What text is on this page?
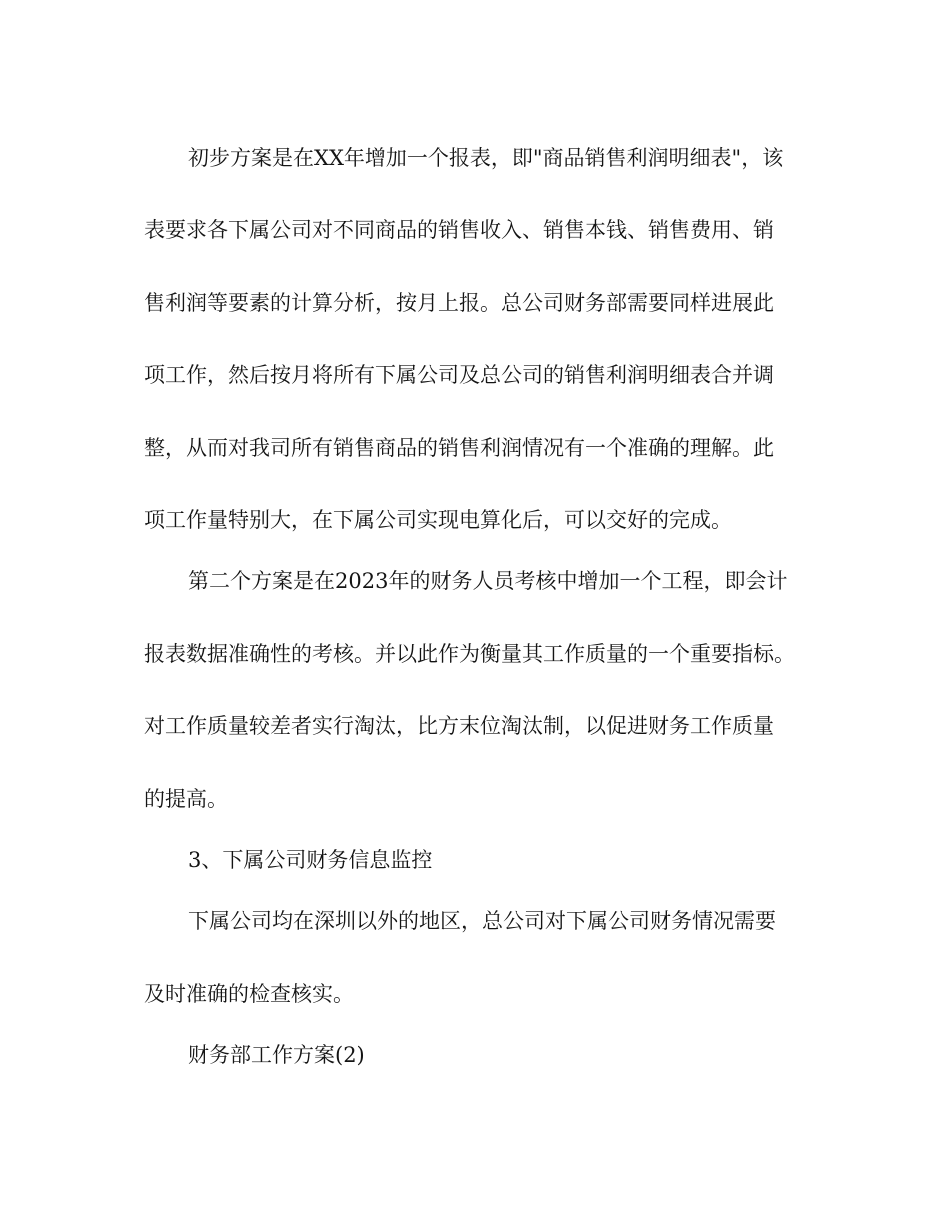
初步方案是在XX年增加一个报表，即"商品销售利润明细表"，该
表要求各下属公司对不同商品的销售收入、销售本钱、销售费用、销
售利润等要素的计算分析，按月上报。总公司财务部需要同样进展此
项工作，然后按月将所有下属公司及总公司的销售利润明细表合并调
整，从而对我司所有销售商品的销售利润情况有一个准确的理解。此
项工作量特别大，在下属公司实现电算化后，可以交好的完成。
第二个方案是在2023年的财务人员考核中增加一个工程，即会计
报表数据准确性的考核。并以此作为衡量其工作质量的一个重要指标。
对工作质量较差者实行淘汰，比方末位淘汰制，以促进财务工作质量
的提高。
3、下属公司财务信息监控
下属公司均在深圳以外的地区，总公司对下属公司财务情况需要
及时准确的检查核实。
财务部工作方案(2)
